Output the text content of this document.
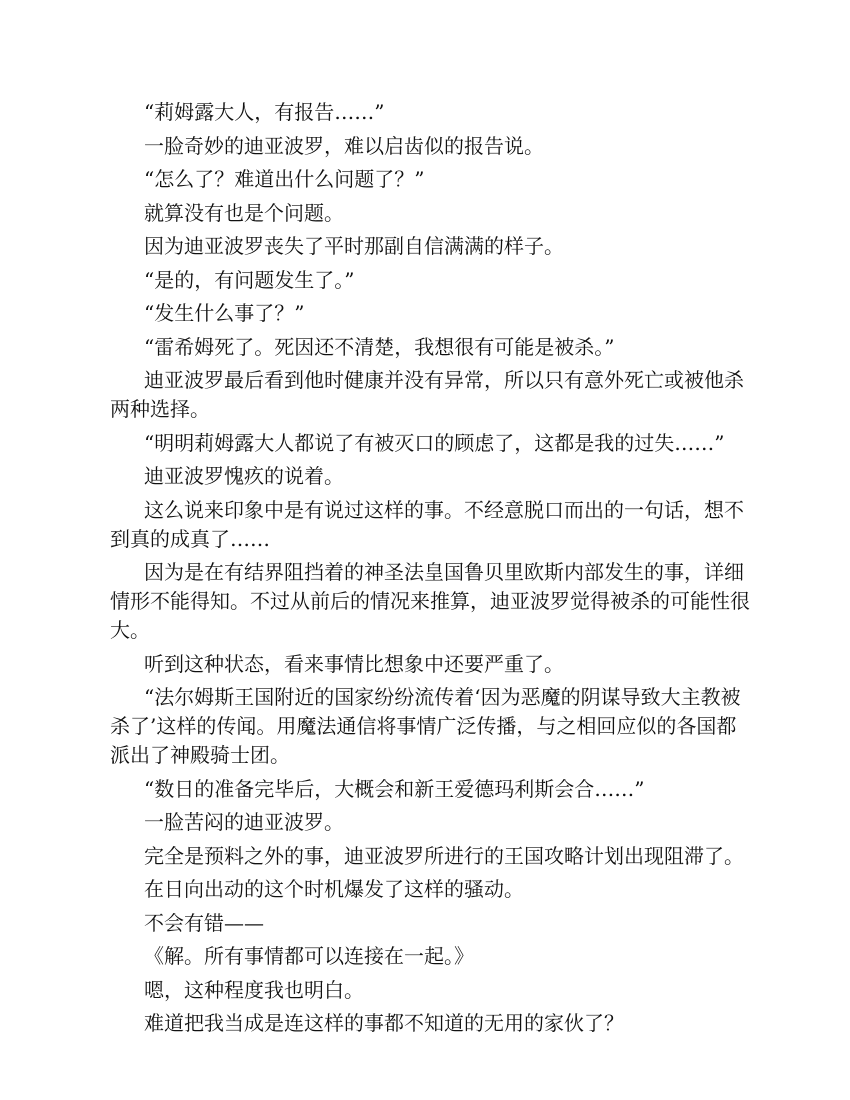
“莉姆露大人，有报告……”

一脸奇妙的迪亚波罗，难以启齿似的报告说。

“怎么了？难道出什么问题了？”

就算没有也是个问题。

因为迪亚波罗丧失了平时那副自信满满的样子。

“是的，有问题发生了。”

“发生什么事了？”

“雷希姆死了。死因还不清楚，我想很有可能是被杀。”

迪亚波罗最后看到他时健康并没有异常，所以只有意外死亡或被他杀两种选择。

“明明莉姆露大人都说了有被灭口的顾虑了，这都是我的过失……”

迪亚波罗愧疚的说着。

这么说来印象中是有说过这样的事。不经意脱口而出的一句话，想不到真的成真了……

因为是在有结界阻挡着的神圣法皇国鲁贝里欧斯内部发生的事，详细情形不能得知。不过从前后的情况来推算，迪亚波罗觉得被杀的可能性很大。

听到这种状态，看来事情比想象中还要严重了。

“法尔姆斯王国附近的国家纷纷流传着‘因为恶魔的阴谋导致大主教被杀了’这样的传闻。用魔法通信将事情广泛传播，与之相回应似的各国都派出了神殿骑士团。

“数日的准备完毕后，大概会和新王爱德玛利斯会合……”

一脸苦闷的迪亚波罗。

完全是预料之外的事，迪亚波罗所进行的王国攻略计划出现阻滞了。

在日向出动的这个时机爆发了这样的骚动。

不会有错——

《解。所有事情都可以连接在一起。》

嗯，这种程度我也明白。

难道把我当成是连这样的事都不知道的无用的家伙了？
